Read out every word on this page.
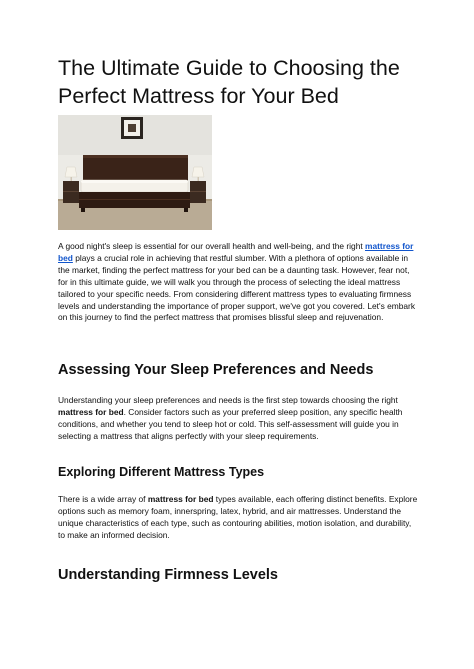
The Ultimate Guide to Choosing the Perfect Mattress for Your Bed

A good night's sleep is essential for our overall health and well-being, and the right mattress for bed plays a crucial role in achieving that restful slumber. With a plethora of options available in the market, finding the perfect mattress for your bed can be a daunting task. However, fear not, for in this ultimate guide, we will walk you through the process of selecting the ideal mattress tailored to your specific needs. From considering different mattress types to evaluating firmness levels and understanding the importance of proper support, we've got you covered. Let's embark on this journey to find the perfect mattress that promises blissful sleep and rejuvenation.

Assessing Your Sleep Preferences and Needs

Understanding your sleep preferences and needs is the first step towards choosing the right mattress for bed. Consider factors such as your preferred sleep position, any specific health conditions, and whether you tend to sleep hot or cold. This self-assessment will guide you in selecting a mattress that aligns perfectly with your sleep requirements.

Exploring Different Mattress Types

There is a wide array of mattress for bed types available, each offering distinct benefits. Explore options such as memory foam, innerspring, latex, hybrid, and air mattresses. Understand the unique characteristics of each type, such as contouring abilities, motion isolation, and durability, to make an informed decision.

Understanding Firmness Levels
